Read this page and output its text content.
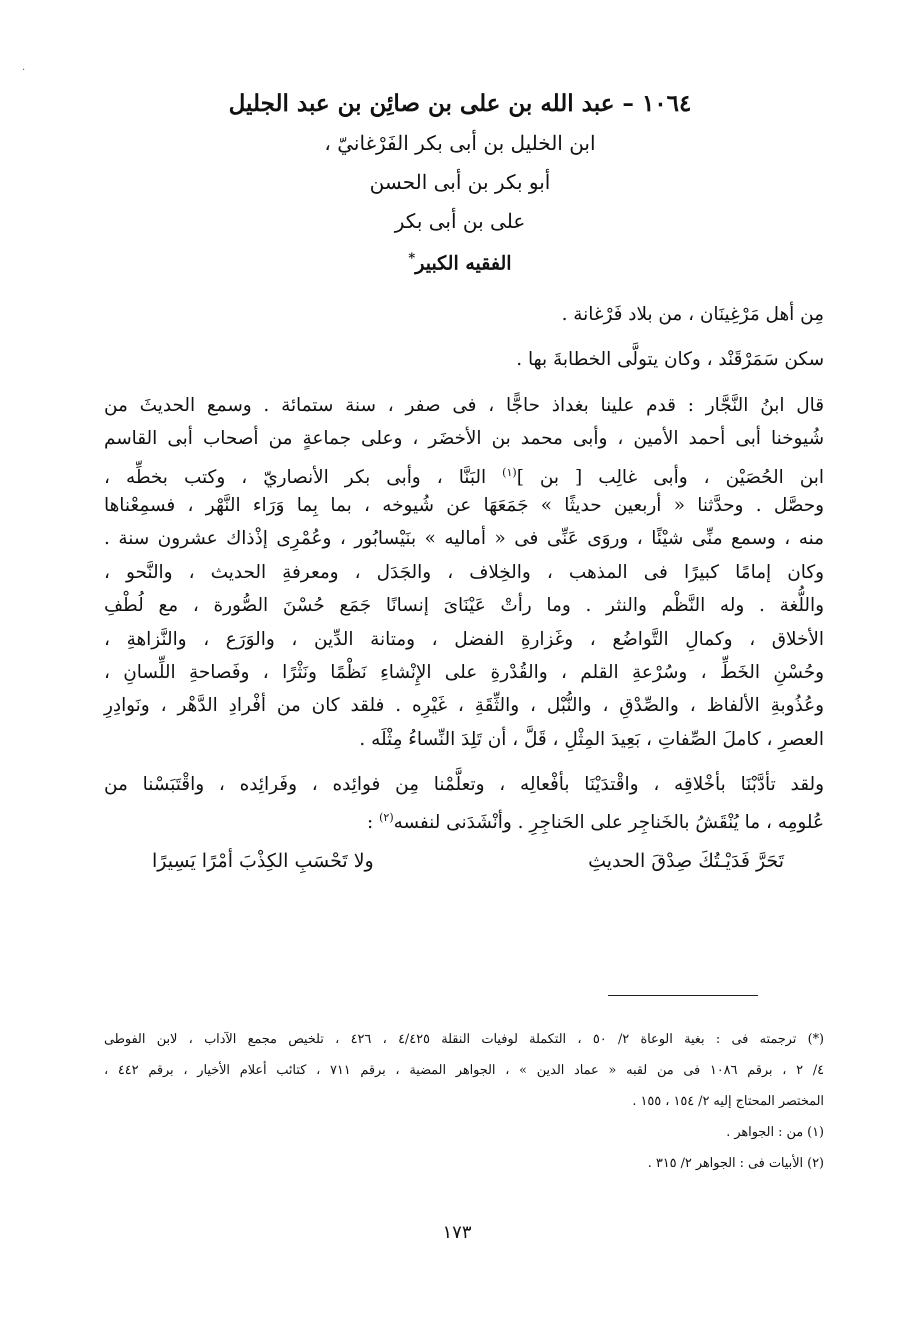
.
١٠٦٤ – عبد الله بن على بن صائِن بن عبد الجليل
ابن الخليل بن أبى بكر الفَرْغانيّ ،
أبو بكر بن أبى الحسن
على بن أبى بكر
الفقيه الكبير*
مِن أهل مَرْغِينَان ، من بلاد فَرْغانة .
سكن سَمَرْقَنْد ، وكان يتولَّى الخطابةَ بها .
قال ابنُ النَّجَّار : قدم علينا بغداذ حاجًّا ، فى صفر ، سنة ستمائة . وسمع الحديثَ من
شُيوخنا أبى أحمد الأمين ، وأبى محمد بن الأخضَر ، وعلى جماعةٍ من أصحاب أبى القاسم
ابن الحُصَيْن ، وأبى غالِب [ بن ]$^{(١)}$ البَنَّا ، وأبى بكر الأنصاريّ ، وكتب بخطِّه ،
وحصَّل . وحدَّثنا « أربعين حديثًا » جَمَعَهَا عن شُيوخه ، بما بِما وَرَاء النَّهْر ، فسمِعْناها
منه ، وسمع منِّى شيْئًا ، وروَى عَنِّى فى « أماليه » بنَيْسابُور ، وعُمْرِى إذْذاك عشرون سنة .
وكان إمامًا كبيرًا فى المذهب ، والخِلاف ، والجَدَل ، ومعرفةِ الحديث ، والنَّحو ،
واللُّغة . وله النَّظْم والنثر . وما رأتْ عَيْنَاىَ إنسانًا جَمَع حُسْنَ الصُّورة ، مع لُطْفِ
الأخلاق ، وكمالِ التَّواضُع ، وغَزارةِ الفضل ، ومتانة الدِّين ، والوَرَع ، والنَّزاهةِ ،
وحُسْنِ الخَطِّ ، وسُرْعةِ القلم ، والقُدْرةِ على الإِنْشاءِ نَظْمًا ونَثْرًا ، وفَصاحةِ اللِّسانِ ،
وعُذُوبةِ الألفاظ ، والصِّدْقِ ، والنُّبْل ، والثِّقَةِ ، غَيْرِه . فلقد كان من أفْرادِ الدَّهْر ، ونَوادِرِ
العصرِ ، كاملَ الصِّفاتِ ، بَعِيدَ المِثْلِ ، قَلَّ ، أن تَلِدَ النِّساءُ مِثْلَه .
ولقد تأدَّبْنَا بأخْلاقِه ، واقْتدَيْنَا بأفْعالِه ، وتعلَّمْنا مِن فوائِده ، وفَرائِده ، واقْتَبَسْنا من
عُلومِه ، ما يُنْقَشُ بالخَناجِر على الحَناجِرِ . وأنْشَدَنى لنفسه$^{(٢)}$ :
تَحَرَّ فَدَيْـتُكَ صِدْقَ الحديثِ
ولا تَحْسَبِ الكِذْبَ أمْرًا يَسِيرًا
(*) ترجمته فى : بغية الوعاة ٢/ ٥٠ ، التكملة لوفيات النقلة ٤/٤٢٥ ، ٤٢٦ ، تلخيص مجمع الآداب ، لابن الفوطى
٤/ ٢ ، برقم ١٠٨٦ فى من لقبه « عماد الدين » ، الجواهر المضية ، برقم ٧١١ ، كتائب أعلام الأخيار ، برقم ٤٤٢ ،
المختصر المحتاج إليه ٢/ ١٥٤ ، ١٥٥ .
(١) من : الجواهر .
(٢) الأبيات فى : الجواهر ٢/ ٣١٥ .
١٧٣
